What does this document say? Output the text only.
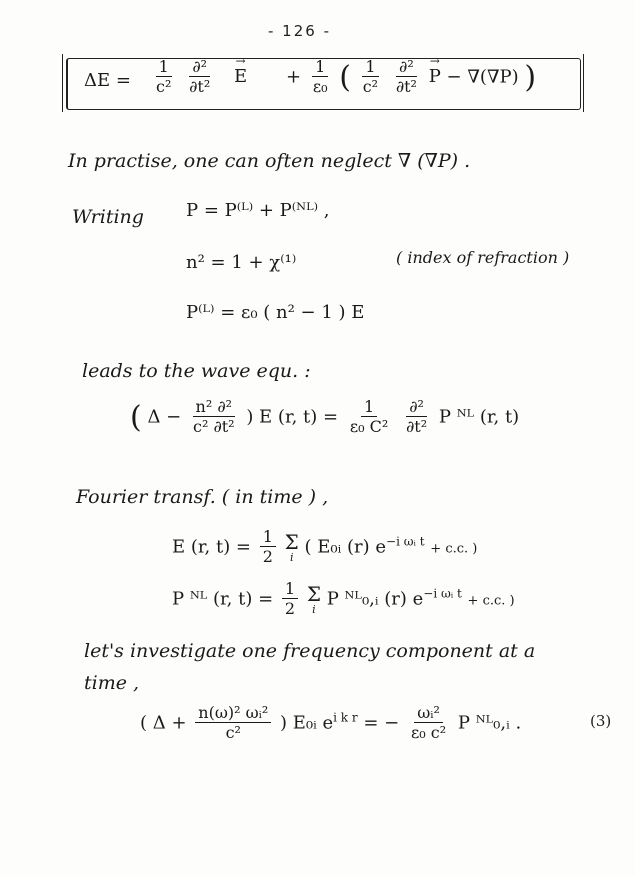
- 126 -
$\Delta E = \frac{1}{\text{c²}}$
$\frac{\text{∂²}}{\text{∂t²}}$
→ $E + \frac{1}{\text{ε₀}}$ ( $\frac{1}{\text{c²}}$
$\frac{\text{∂²}}{\text{∂t²}}$
→ P − ∇(∇P) )
In practise, one can often neglect ∇ (∇P) .
Writing P = P⁽ᴸ⁾ + P⁽ᴺᴸ⁾ ,
n² = 1 + χ⁽¹⁾	( index of refraction )
P⁽ᴸ⁾ = ε₀ ( n² − 1 ) E
leads to the wave equ. :
( $\Delta - \frac{\text{n² ∂²}}{\text{c² ∂t²}}$ ) E (r, $t) = \frac{1}{\text{ε₀ C²}}$
$\frac{\text{∂²}}{\text{∂t²}}$ P ᴺᴸ (r, t)
Fourier transf. ( in time ) ,
E (r, $t) = \frac{1}{2}$ Σ
i ( E₀ᵢ (r) $e^{-i \omega ᵢ t} + c.c$. )
P ᴺᴸ (r, $t) = \frac{1}{2}$ Σ
i P ᴺᴸ₀,ᵢ (r) $e^{-i \omega ᵢ t} + c.c$. )
let's investigate one frequency component at a
time ,
( $\Delta + \frac{\text{n(ω)² ωᵢ²}}{\text{c²}}$ ) E₀ᵢ $e^{i k r}$ = − $\frac{\text{ωᵢ²}}{\text{ε₀ c²}}$ P ᴺᴸ₀,ᵢ .	(3)
